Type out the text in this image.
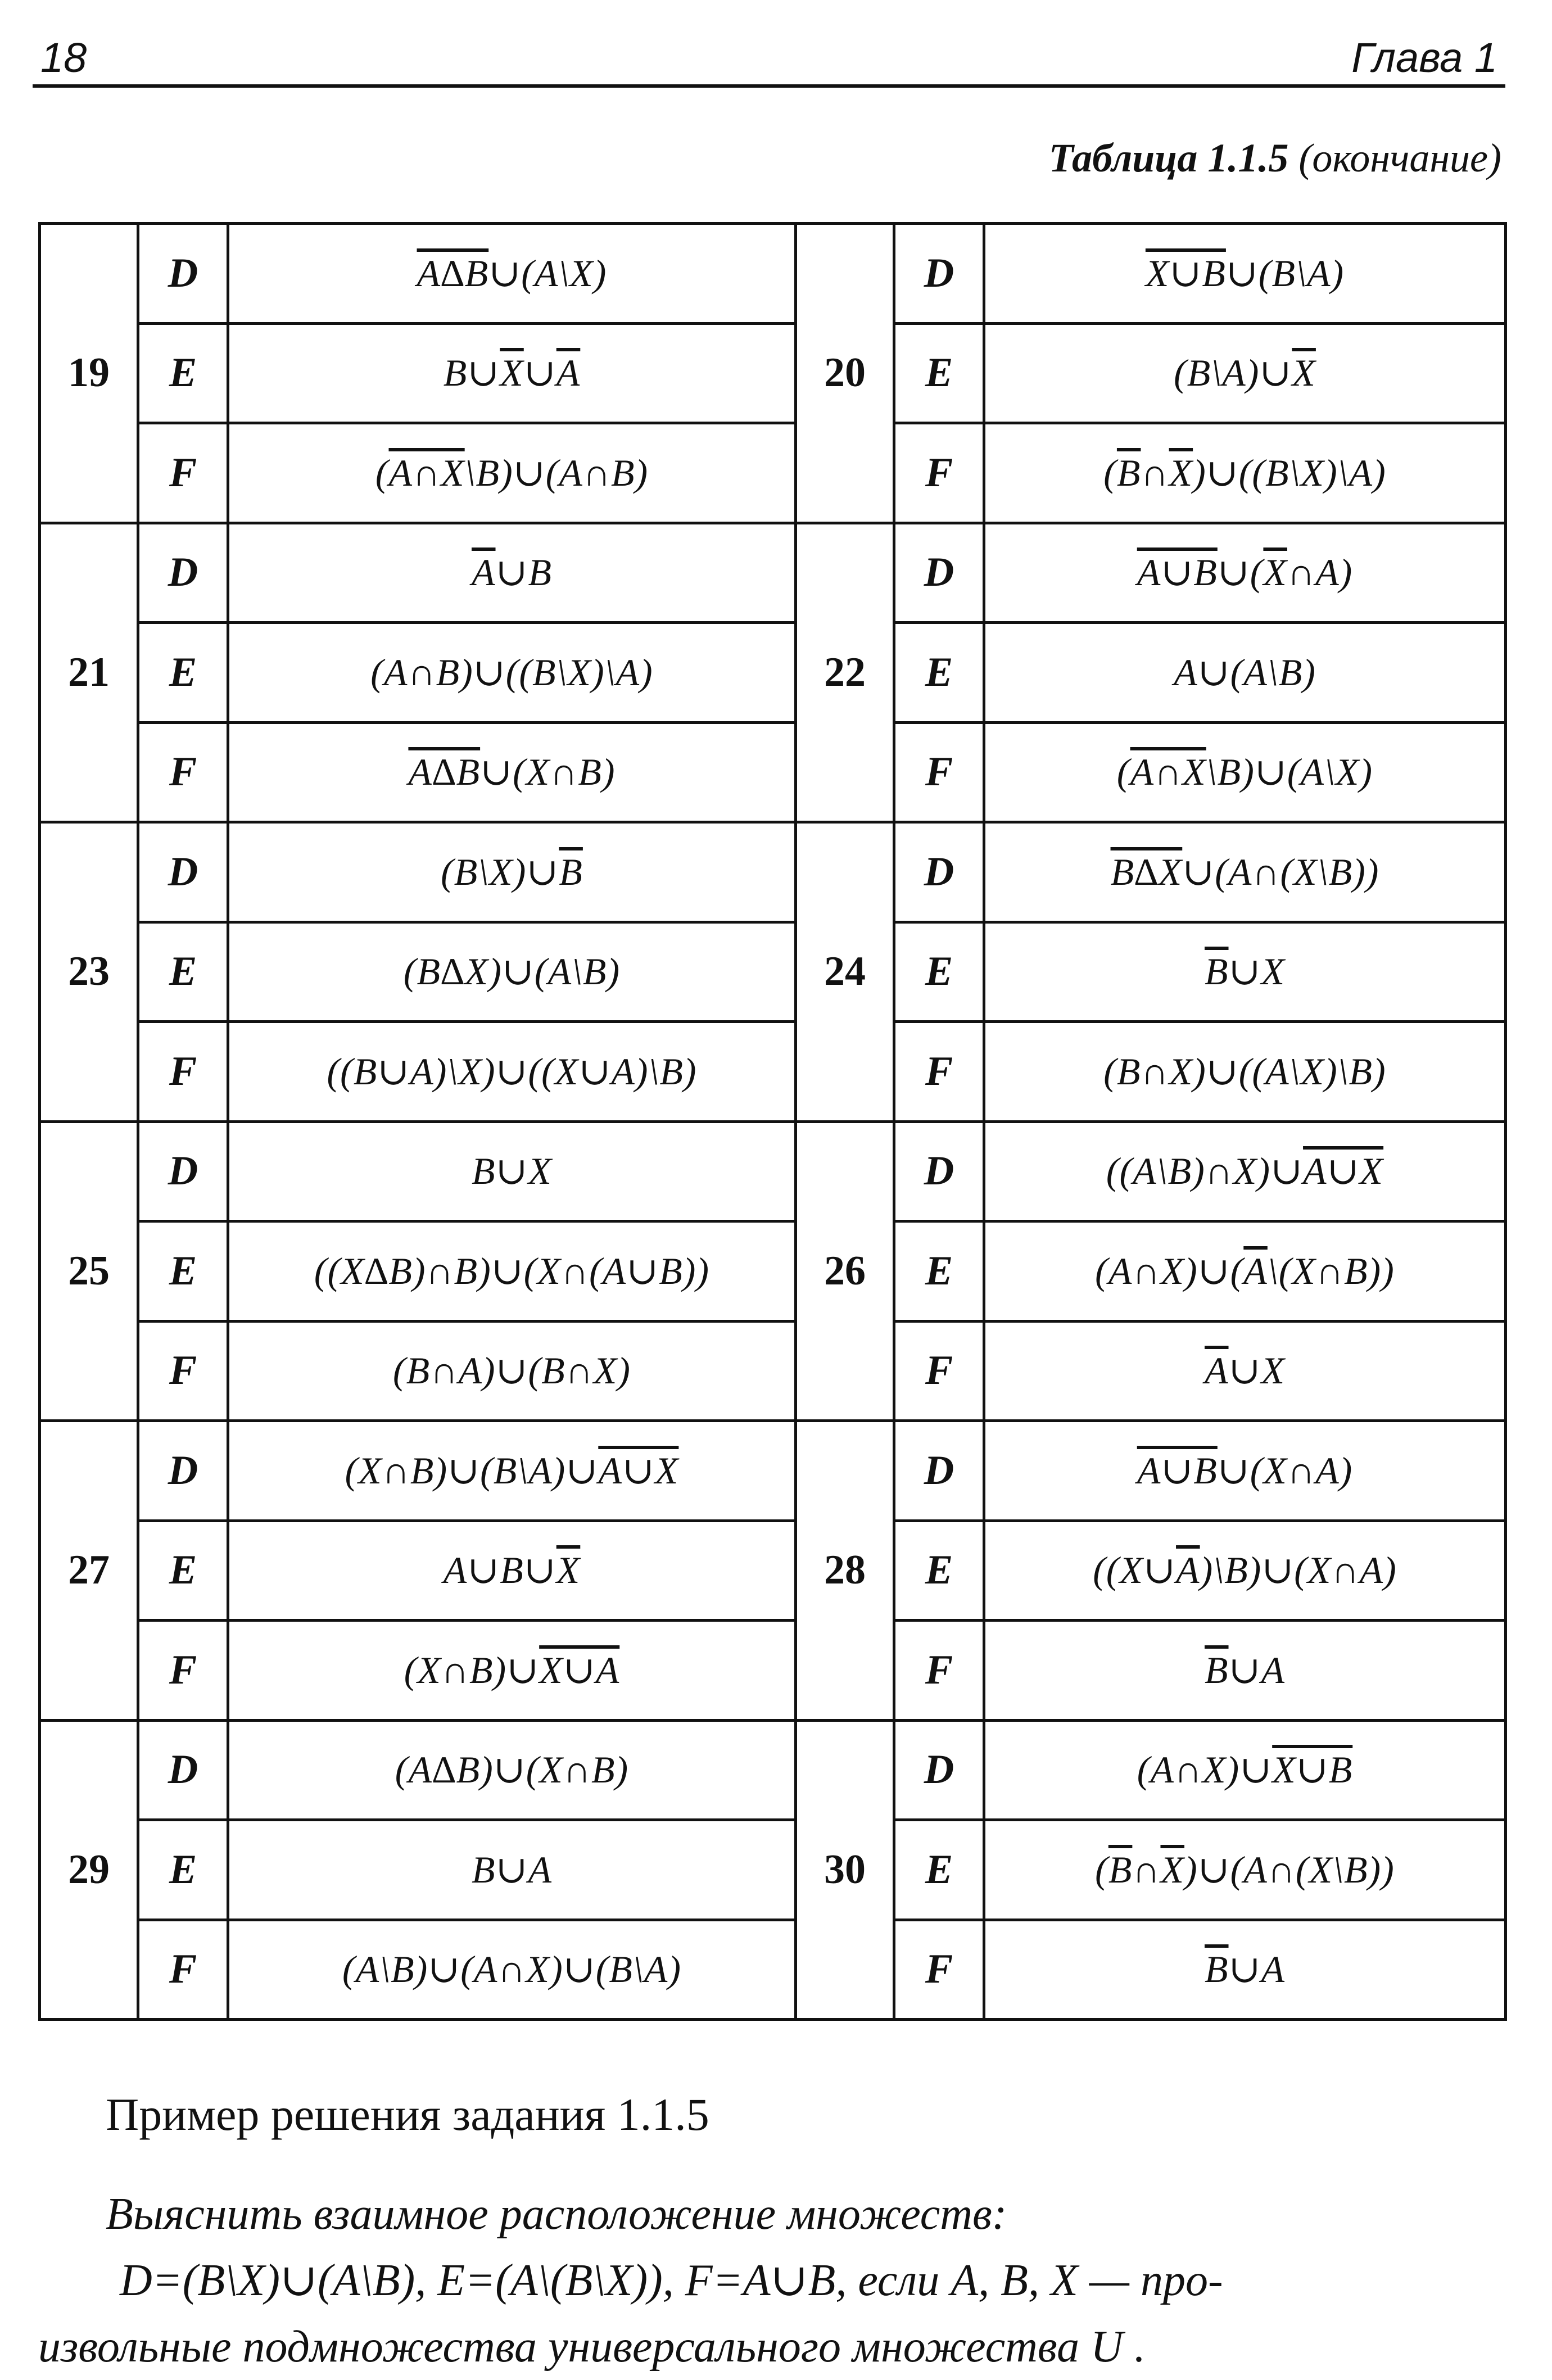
18	Глава 1
Таблица 1.1.5 (окончание)
19	D	A∆B∪(A\X)	20	D	X∪B∪(B\A)
	E	$B\cup\overline{X}\cup\overline{A}$		E	$(B\backslash A)\cup\overline{X}$
	F	(A∩X\B)∪(A∩B)		F	$(\overline{B}\cap\overline{X})\cup((B\backslash X)\backslash A)$
21	D	$\overline{A}\cup B$	22	D	$A\cup B\cup(\overline{X}\cap A)$
	E	(A∩B)∪((B\X)\A)		E	A∪(A\B)
	F	A∆B∪(X∩B)		F	(A∩X\B)∪(A\X)
23	D	$(B\backslash X)\cup\overline{B}$	24	D	B∆X∪(A∩(X\B))
	E	(B∆X)∪(A\B)		E	$\overline{B}\cup X$
	F	((B∪A)\X)∪((X∪A)\B)		F	(B∩X)∪((A\X)\B)
25	D	B∪X	26	D	((A\B)∩X)∪A∪X
	E	((X∆B)∩B)∪(X∩(A∪B))		E	$(A\cap X)\cup(\overline{A}\backslash(X\cap B))$
	F	(B∩A)∪(B∩X)		F	$\overline{A}\cup X$
27	D	(X∩B)∪(B\A)∪A∪X	28	D	A∪B∪(X∩A)
	E	$A\cup B\cup\overline{X}$		E	$((X\cup\overline{A})\backslash B)\cup(X\cap A)$
	F	(X∩B)∪X∪A		F	$\overline{B}\cup A$
29	D	(A∆B)∪(X∩B)	30	D	(A∩X)∪X∪B
	E	B∪A		E	$(\overline{B}\cap\overline{X})\cup(A\cap(X\backslash B))$
	F	(A\B)∪(A∩X)∪(B\A)		F	$\overline{B}\cup A$
Пример решения задания 1.1.5
Выяснить взаимное расположение множеств:
D=(B\X)∪(A\B), E=(A\(B\X)), F=A∪B, если A, B, X — про-
извольные подмножества универсального множества U .
